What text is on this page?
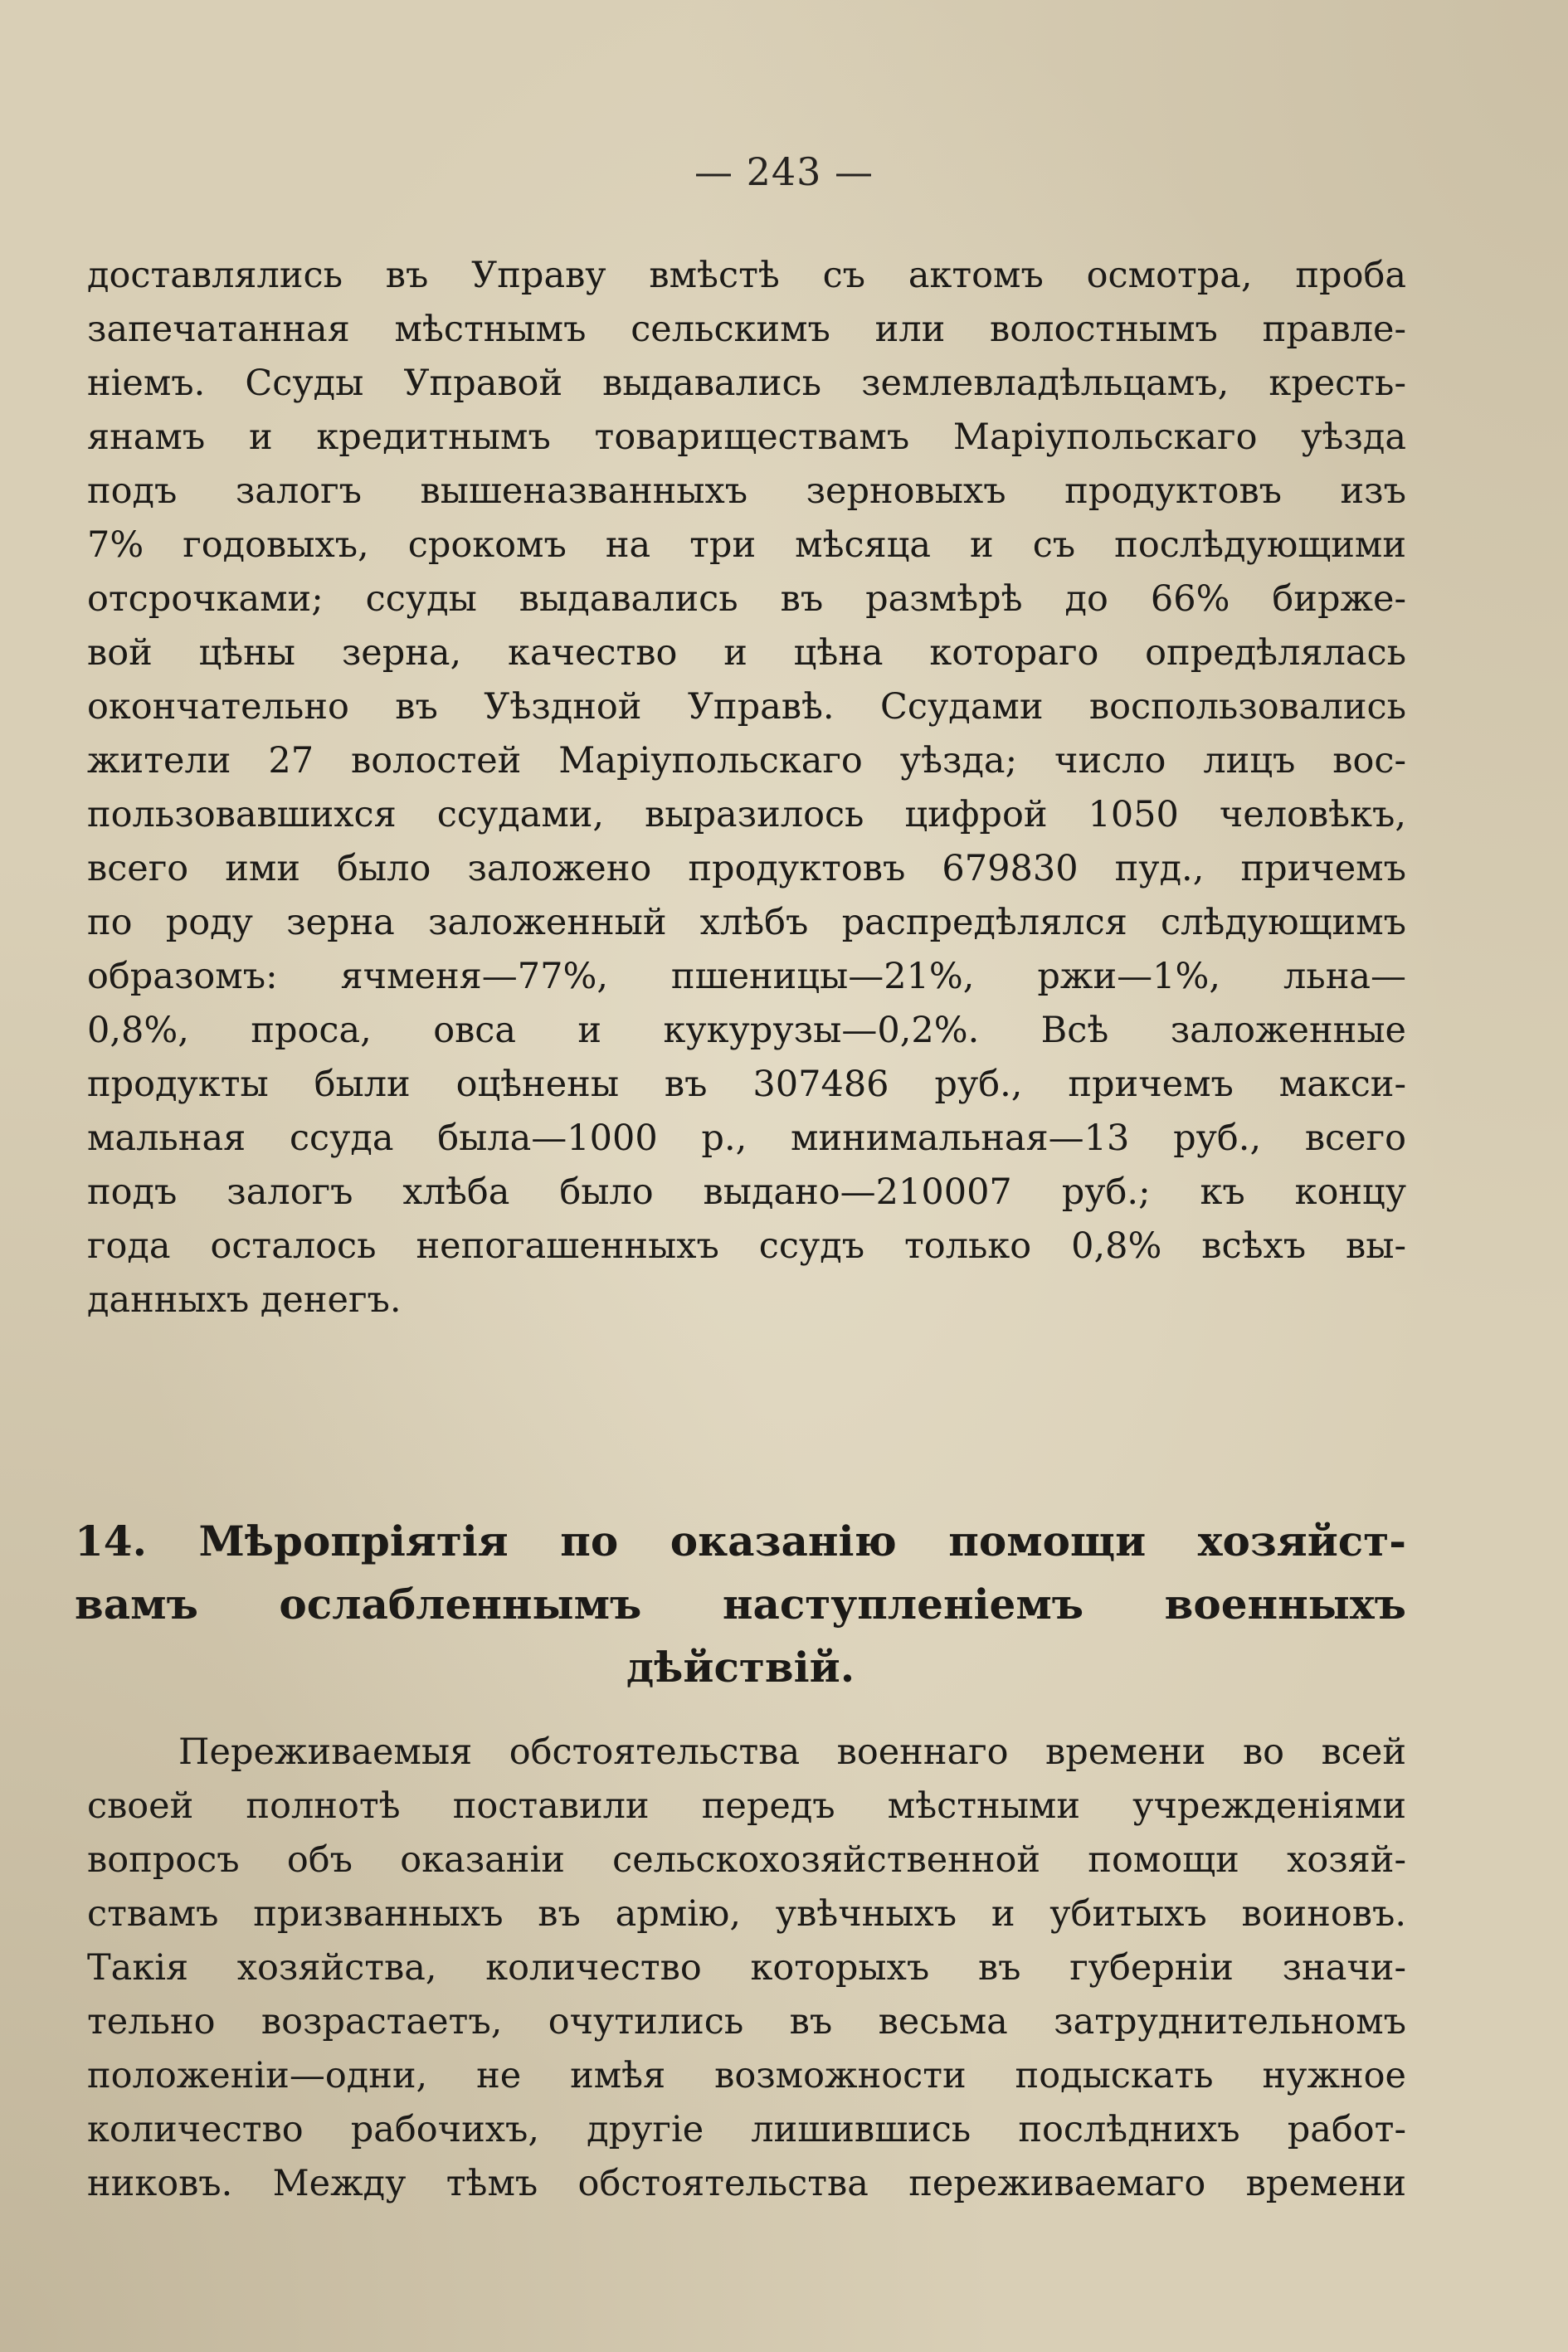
— 243 —
доставлялись въ Управу вмѣстѣ съ актомъ осмотра, проба
запечатанная мѣстнымъ сельскимъ или волостнымъ правле-
ніемъ. Ссуды Управой выдавались землевладѣльцамъ, кресть-
янамъ и кредитнымъ товариществамъ Маріупольскаго уѣзда
подъ залогъ вышеназванныхъ зерновыхъ продуктовъ изъ
7% годовыхъ, срокомъ на три мѣсяца и съ послѣдующими
отсрочками; ссуды выдавались въ размѣрѣ до 66% бирже-
вой цѣны зерна, качество и цѣна котораго опредѣлялась
окончательно въ Уѣздной Управѣ. Ссудами воспользовались
жители 27 волостей Маріупольскаго уѣзда; число лицъ вос-
пользовавшихся ссудами, выразилось цифрой 1050 человѣкъ,
всего ими было заложено продуктовъ 679830 пуд., причемъ
по роду зерна заложенный хлѣбъ распредѣлялся слѣдующимъ
образомъ: ячменя—77%, пшеницы—21%, ржи—1%, льна—
0,8%, проса, овса и кукурузы—0,2%. Всѣ заложенные
продукты были оцѣнены въ 307486 руб., причемъ макси-
мальная ссуда была—1000 р., минимальная—13 руб., всего
подъ залогъ хлѣба было выдано—210007 руб.; къ концу
года осталось непогашенныхъ ссудъ только 0,8% всѣхъ вы-
данныхъ денегъ.
14. Мѣропріятія по оказанію помощи хозяйст-
вамъ ослабленнымъ наступленіемъ военныхъ
дѣйствій.
Переживаемыя обстоятельства военнаго времени во всей
своей полнотѣ поставили передъ мѣстными учрежденіями
вопросъ объ оказаніи сельскохозяйственной помощи хозяй-
ствамъ призванныхъ въ армію, увѣчныхъ и убитыхъ воиновъ.
Такія хозяйства, количество которыхъ въ губерніи значи-
тельно возрастаетъ, очутились въ весьма затруднительномъ
положеніи—одни, не имѣя возможности подыскать нужное
количество рабочихъ, другіе лишившись послѣднихъ работ-
никовъ. Между тѣмъ обстоятельства переживаемаго времени
